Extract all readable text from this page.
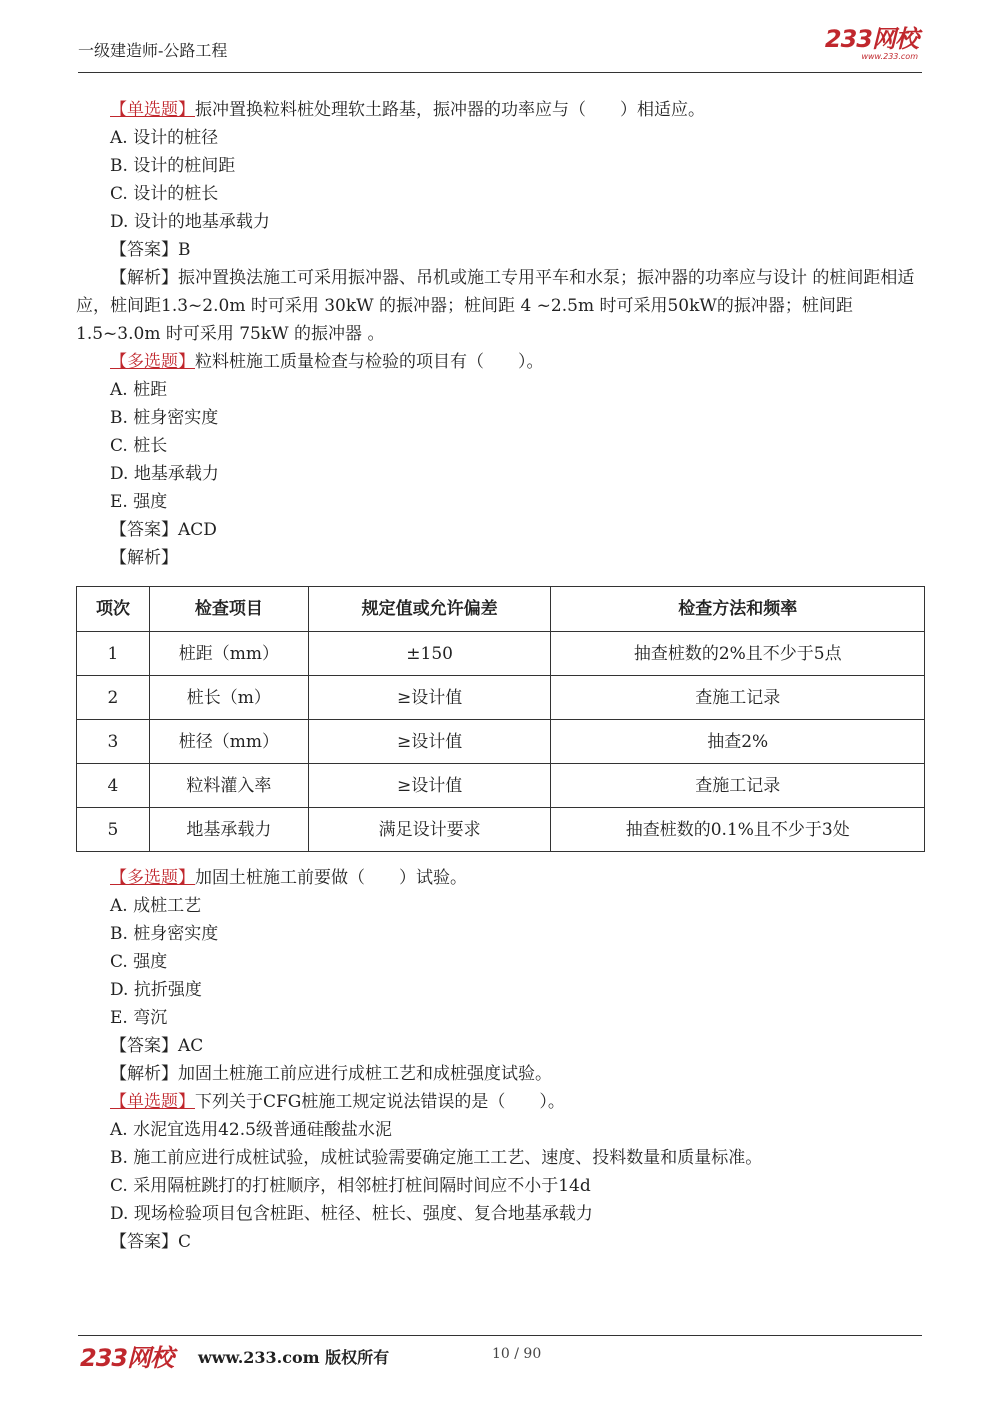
一级建造师-公路工程	233网校
www.233.com
【单选题】振冲置换粒料桩处理软土路基，振冲器的功率应与（　　）相适应。
A. 设计的桩径
B. 设计的桩间距
C. 设计的桩长
D. 设计的地基承载力
【答案】B
【解析】振冲置换法施工可采用振冲器、吊机或施工专用平车和水泵；振冲器的功率应与设计 的桩间距相适应，桩间距1.3~2.0m 时可采用 30kW 的振冲器；桩间距 4 ~2.5m 时可采用50kW的振冲器；桩间距1.5~3.0m 时可采用 75kW 的振冲器 。
【多选题】粒料桩施工质量检查与检验的项目有（　　）。
A. 桩距
B. 桩身密实度
C. 桩长
D. 地基承载力
E. 强度
【答案】ACD
【解析】
项次	检查项目	规定值或允许偏差	检查方法和频率
1	桩距（mm）	±150	抽查桩数的2%且不少于5点
2	桩长（m）	≥设计值	查施工记录
3	桩径（mm）	≥设计值	抽查2%
4	粒料灌入率	≥设计值	查施工记录
5	地基承载力	满足设计要求	抽查桩数的0.1%且不少于3处
【多选题】加固土桩施工前要做（　　）试验。
A. 成桩工艺
B. 桩身密实度
C. 强度
D. 抗折强度
E. 弯沉
【答案】AC
【解析】加固土桩施工前应进行成桩工艺和成桩强度试验。
【单选题】下列关于CFG桩施工规定说法错误的是（　　）。
A. 水泥宜选用42.5级普通硅酸盐水泥
B. 施工前应进行成桩试验，成桩试验需要确定施工工艺、速度、投料数量和质量标准。
C. 采用隔桩跳打的打桩顺序，相邻桩打桩间隔时间应不小于14d
D. 现场检验项目包含桩距、桩径、桩长、强度、复合地基承载力
【答案】C
233网校 www.233.com 版权所有	10 / 90
